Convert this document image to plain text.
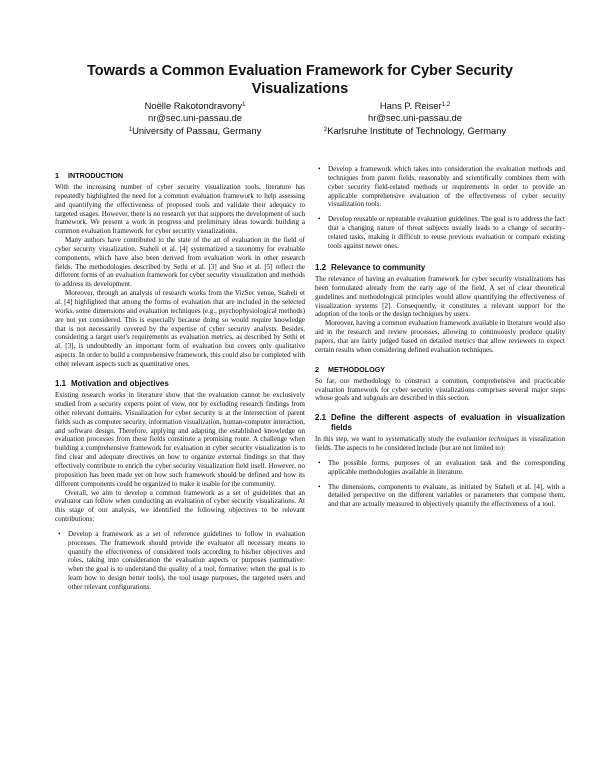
Towards a Common Evaluation Framework for Cyber Security Visualizations
Noëlle Rakotondravony$^1$
nr@sec.uni-passau.de
$^1$University of Passau, Germany
Hans P. Reiser$^{1,2}$
hr@sec.uni-passau.de
$^2$Karlsruhe Institute of Technology, Germany
1 INTRODUCTION

With the increasing number of cyber security visualization tools, literature has repeatedly highlighted the need for a common evaluation framework to help assessing and quantifying the effectiveness of proposed tools and validate their adequacy to targeted usages. However, there is no research yet that supports the development of such framework. We present a work in progress and preliminary ideas towards building a common evaluation framework for cyber security visualizations.

Many authors have contributed to the state of the art of evaluation in the field of cyber security visualization. Staheli et al. [4] systematized a taxonomy for evaluable components, which have also been derived from evaluation work in other research fields. The methodologies described by Sethi et al. [3] and Suo et al. [5] reflect the different forms of an evaluation framework for cyber security visualization and methods to address its development.

Moreover, through an analysis of research works from the VizSec venue, Staheli et al. [4] highlighted that among the forms of evaluation that are included in the selected works, some dimensions and evaluation techniques (e.g., psychophysiological methods) are not yet considered. This is especially because doing so would require knowledge that is not necessarily covered by the expertise of cyber security analysts. Besides, considering a target user's requirements as evaluation metrics, as described by Sethi et al. [3], is undoubtedly an important form of evaluation but covers only qualitative aspects. In order to build a comprehensive framework, this could also be completed with other relevant aspects such as quantitative ones.

1.1 Motivation and objectives

Existing research works in literature show that the evaluation cannot be exclusively studied from a security experts point of view, nor by excluding research findings from other relevant domains. Visualization for cyber security is at the intersection of parent fields such as computer security, information visualization, human-computer interaction, and software design. Therefore, applying and adapting the established knowledge on evaluation processes from these fields constitute a promising route. A challenge when building a comprehensive framework for evaluation in cyber security visualization is to find clear and adequate directives on how to organize external findings so that they effectively contribute to enrich the cyber security visualization field itself. However, no proposition has been made yet on how such framework should be defined and how its different components could be organized to make it usable for the community.

Overall, we aim to develop a common framework as a set of guidelines that an evaluator can follow when conducting an evaluation of cyber security visualizations. At this stage of our analysis, we identified the following objectives to be relevant contributions:

• Develop a framework as a set of reference guidelines to follow in evaluation processes. The framework should provide the evaluator all necessary means to quantify the effectiveness of considered tools according to his/her objectives and roles, taking into consideration the evaluation aspects or purposes (summative: when the goal is to understand the quality of a tool, formative: when the goal is to learn how to design better tools), the tool usage purposes, the targeted users and other relevant configurations.
• Develop a framework which takes into consideration the evaluation methods and techniques from parent fields, reasonably and scientifically combines them with cyber security field-related methods or requirements in order to provide an applicable comprehensive evaluation of the effectiveness of cyber security visualization tools.
• Develop reusable or repeatable evaluation guidelines. The goal is to address the fact that a changing nature of threat subjects usually leads to a change of security-related tasks, making it difficult to reuse previous evaluation or compare existing tools against newer ones.
1.2 Relevance to community

The relevance of having an evaluation framework for cyber security visualizations has been formulated already from the early age of the field. A set of clear theoretical guidelines and methodological principles would allow quantifying the effectiveness of visualization systems [2]. Consequently, it constitutes a relevant support for the adoption of the tools or the design techniques by users.

Moreover, having a common evaluation framework available in literature would also aid in the research and review processes, allowing to continuously produce quality papers, that are fairly judged based on detailed metrics that allow reviewers to expect certain results when considering defined evaluation techniques.

2 METHODOLOGY

So far, our methodology to construct a common, comprehensive and practicable evaluation framework for cyber security visualizations comprises several major steps whose goals and subgoals are described in this section.

2.1 Define the different aspects of evaluation in visualization fields

In this step, we want to systematically study the evaluation techniques in visualization fields. The aspects to be considered include (but are not limited to):

• The possible forms, purposes of an evaluation task and the corresponding applicable methodologies available in literature.
• The dimensions, components to evaluate, as initiated by Staheli et al. [4], with a detailed perspective on the different variables or parameters that compose them, and that are actually measured to objectively quantify the effectiveness of a tool.
